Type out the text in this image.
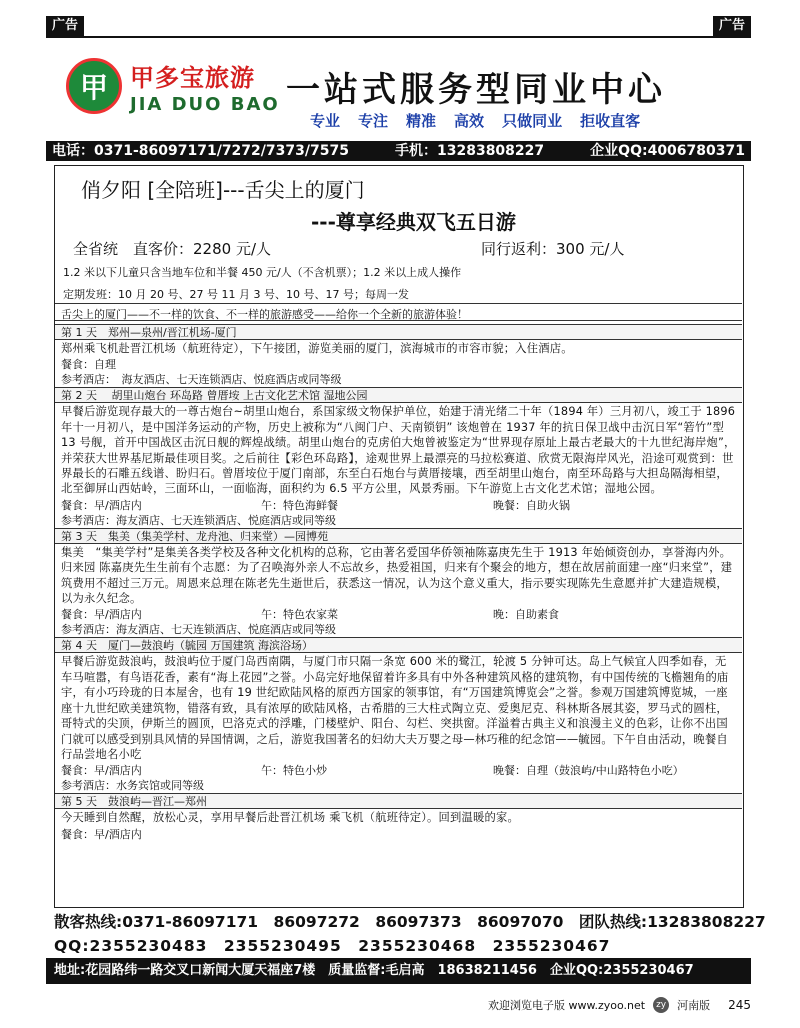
广告	广告
甲 甲多宝旅游
JIA DUO BAO 一站式服务型同业中心
专业 专注 精准 高效 只做同业 拒收直客
电话：0371-86097171/7272/7373/7575	手机：13283808227	企业QQ:4006780371
俏夕阳 [全陪班]---舌尖上的厦门
---尊享经典双飞五日游
全省统　直客价：2280 元/人	同行返利：300 元/人
1.2 米以下儿童只含当地车位和半餐 450 元/人（不含机票）；1.2 米以上成人操作
定期发班：10 月 20 号、27 号 11 月 3 号、10 号、17 号；每周一发
舌尖上的厦门——不一样的饮食、不一样的旅游感受——给你一个全新的旅游体验！
第 1 天　郑州—泉州/晋江机场-厦门
郑州乘飞机赴晋江机场（航班待定），下午接团，游览美丽的厦门，滨海城市的市容市貌；入住酒店。
餐食：自理
参考酒店：　海友酒店、七天连锁酒店、悦庭酒店或同等级
第 2 天　 胡里山炮台 环岛路 曾厝垵 上古文化艺术馆 湿地公园
早餐后游览现存最大的一尊古炮台~胡里山炮台，系国家级文物保护单位，始建于清光绪二十年（1894 年）三月初八，竣工于 1896 年十一月初八，是中国洋务运动的产物，历史上被称为“八闽门户、天南锁钥” 该炮曾在 1937 年的抗日保卫战中击沉日军“箬竹”型 13 号舰，首开中国战区击沉日舰的辉煌战绩。胡里山炮台的克虏伯大炮曾被鉴定为“世界现存原址上最古老最大的十九世纪海岸炮”，并荣获大世界基尼斯最佳项目奖。之后前往【彩色环岛路】，途观世界上最漂亮的马拉松赛道、欣赏无限海岸风光，沿途可观赏到：世界最长的石雕五线谱、盼归石。曾厝垵位于厦门南部，东至白石炮台与黄厝接壤，西至胡里山炮台，南至环岛路与大担岛隔海相望，北至御屏山西姑岭，三面环山，一面临海，面积约为 6.5 平方公里，风景秀丽。下午游览上古文化艺术馆；湿地公园。
餐食：早/酒店内	午：特色海鲜餐	晚餐：自助火锅
参考酒店：海友酒店、七天连锁酒店、悦庭酒店或同等级
第 3 天　集美（集美学村、龙舟池、归来堂）—园博苑
集美　“集美学村”是集美各类学校及各种文化机构的总称，它由著名爱国华侨领袖陈嘉庚先生于 1913 年始倾资创办，享誉海内外。归来园 陈嘉庚先生生前有个志愿：为了召唤海外亲人不忘故乡，热爱祖国，归来有个聚会的地方，想在故居前面建一座“归来堂”，建筑费用不超过三万元。周恩来总理在陈老先生逝世后，获悉这一情况，认为这个意义重大，指示要实现陈先生意愿并扩大建造规模，以为永久纪念。
餐食：早/酒店内	午：特色农家菜	晚：自助素食
参考酒店：海友酒店、七天连锁酒店、悦庭酒店或同等级
第 4 天　厦门—鼓浪屿（毓园 万国建筑 海滨浴场）
早餐后游览鼓浪屿，鼓浪屿位于厦门岛西南隅，与厦门市只隔一条宽 600 米的鹭江，轮渡 5 分钟可达。岛上气候宜人四季如春，无车马喧嚣，有鸟语花香，素有“海上花园”之誉。小岛完好地保留着许多具有中外各种建筑风格的建筑物，有中国传统的飞檐翘角的庙宇，有小巧玲珑的日本屋舍，也有 19 世纪欧陆风格的原西方国家的领事馆，有“万国建筑博览会”之誉。参观万国建筑博览城，一座座十九世纪欧美建筑物，错落有致，具有浓厚的欧陆风格，古希腊的三大柱式陶立克、爱奥尼克、科林斯各展其姿，罗马式的圆柱，哥特式的尖顶，伊斯兰的圆顶，巴洛克式的浮雕，门楼壁炉、阳台、勾栏、突拱窗。洋溢着古典主义和浪漫主义的色彩，让你不出国门就可以感受到别具风情的异国情调，之后，游览我国著名的妇幼大夫万婴之母—林巧稚的纪念馆——毓园。下午自由活动，晚餐自行品尝地名小吃
餐食：早/酒店内	午：特色小炒	晚餐：自理（鼓浪屿/中山路特色小吃）
参考酒店：水务宾馆或同等级
第 5 天　鼓浪屿—晋江—郑州
今天睡到自然醒，放松心灵，享用早餐后赴晋江机场 乘飞机（航班待定）。回到温暖的家。
餐食：早/酒店内
散客热线:0371-86097171　86097272　86097373　86097070　团队热线:13283808227
QQ:2355230483　2355230495　2355230468　2355230467
地址:花园路纬一路交叉口新闻大厦天福座7楼　质量监督:毛启高　18638211456　企业QQ:2355230467
欢迎浏览电子版 www.zyoo.net	zy 河南版 245
